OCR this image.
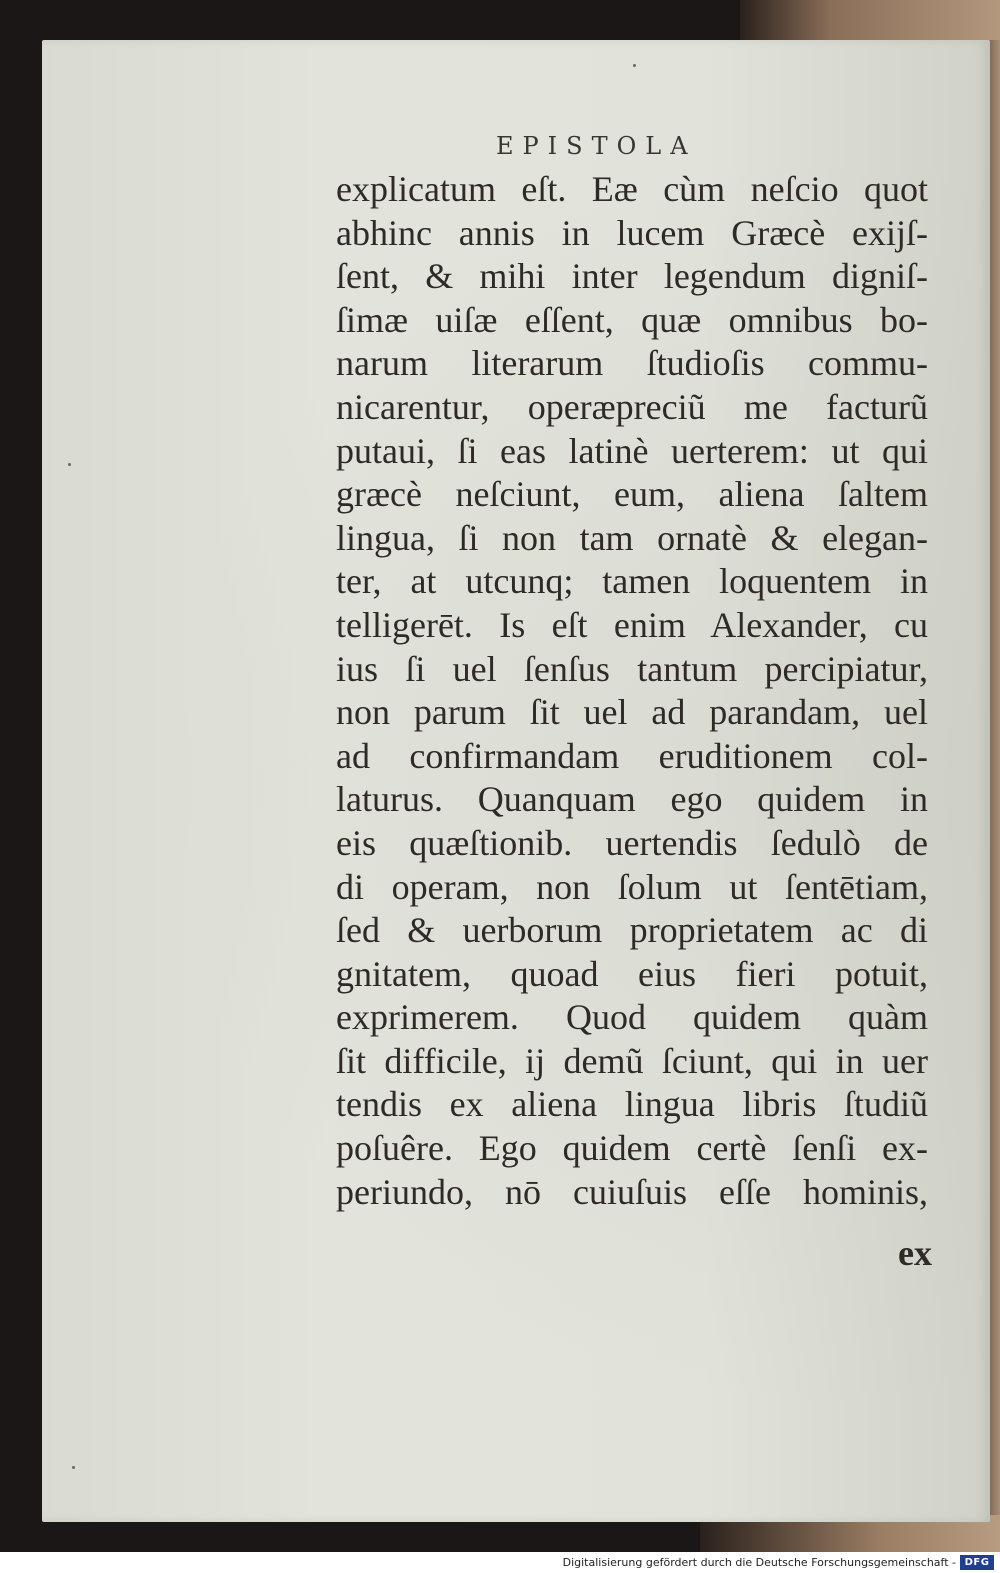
EPISTOLA
explicatum eſt. Eæ cùm neſcio quot
abhinc annis in lucem Græcè exijſ-
ſent, & mihi inter legendum digniſ-
ſimæ uiſæ eſſent, quæ omnibus bo-
narum literarum ſtudioſis commu-
nicarentur, operæpreciũ me facturũ
putaui, ſi eas latinè uerterem: ut qui
græcè neſciunt, eum, aliena ſaltem
lingua, ſi non tam ornatè & elegan-
ter, at utcunq; tamen loquentem in
telligerēt. Is eſt enim Alexander, cu
ius ſi uel ſenſus tantum percipiatur,
non parum ſit uel ad parandam, uel
ad confirmandam eruditionem col-
laturus. Quanquam ego quidem in
eis quæſtionib. uertendis ſedulò de
di operam, non ſolum ut ſentētiam,
ſed & uerborum proprietatem ac di
gnitatem, quoad eius fieri potuit,
exprimerem. Quod quidem quàm
ſit difficile, ij demũ ſciunt, qui in uer
tendis ex aliena lingua libris ſtudiũ
poſuêre. Ego quidem certè ſenſi ex-
periundo, nō cuiuſuis eſſe hominis,
ex
Digitalisierung gefördert durch die Deutsche Forschungsgemeinschaft - DFG
